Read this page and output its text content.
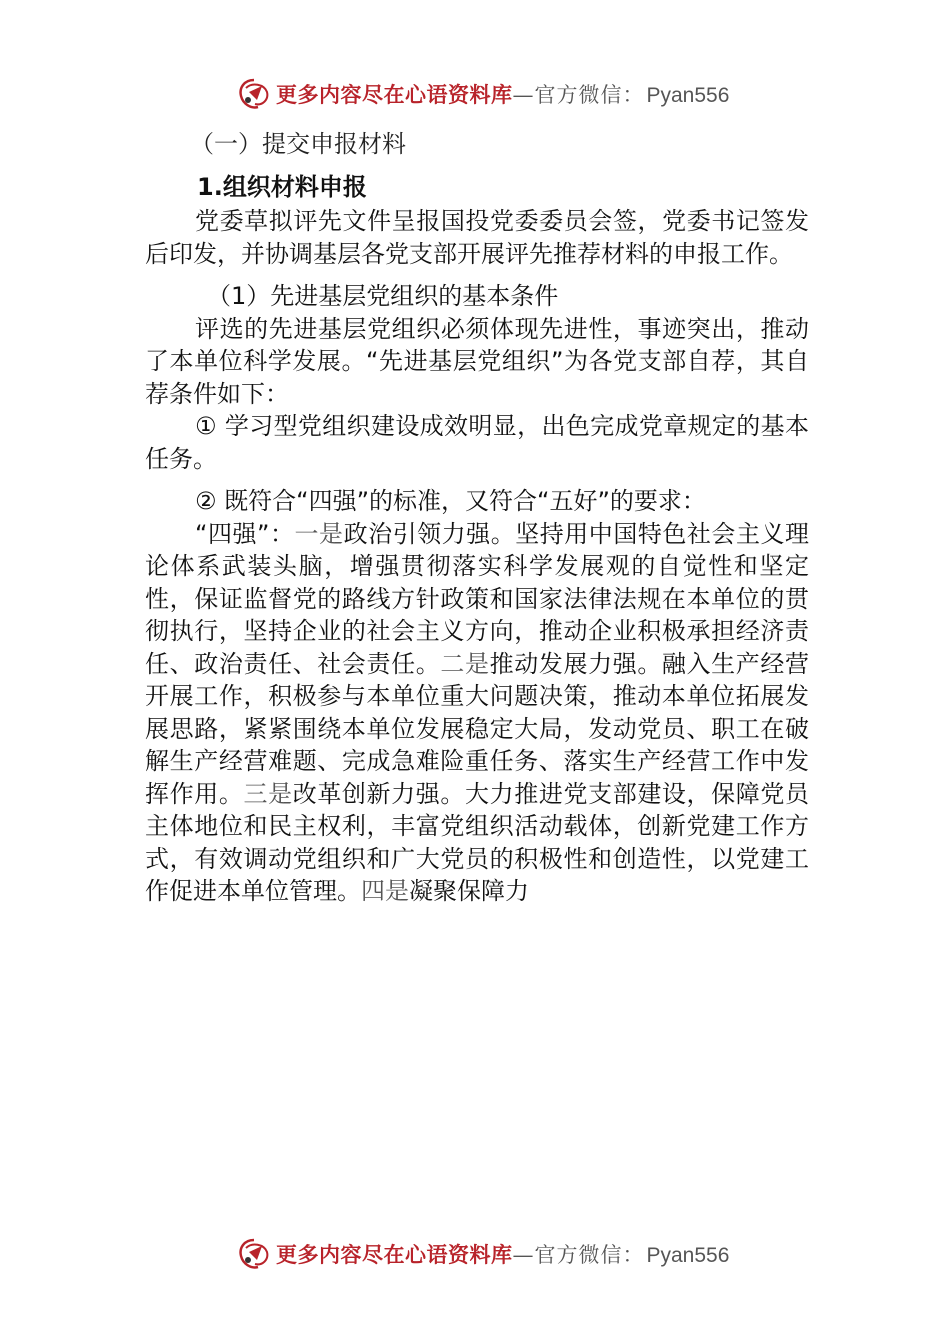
更多内容尽在心语资料库 —官方微信： Pyan556

（一）提交申报材料

1.组织材料申报

党委草拟评先文件呈报国投党委委员会签，党委书记签发后印发，并协调基层各党支部开展评先推荐材料的申报工作。

（1）先进基层党组织的基本条件

评选的先进基层党组织必须体现先进性，事迹突出，推动了本单位科学发展。“先进基层党组织”为各党支部自荐，其自荐条件如下：

① 学习型党组织建设成效明显，出色完成党章规定的基本任务。

② 既符合“四强”的标准，又符合“五好”的要求：

“四强”：一是政治引领力强。坚持用中国特色社会主义理论体系武装头脑，增强贯彻落实科学发展观的自觉性和坚定性，保证监督党的路线方针政策和国家法律法规在本单位的贯彻执行，坚持企业的社会主义方向，推动企业积极承担经济责任、政治责任、社会责任。二是推动发展力强。融入生产经营开展工作，积极参与本单位重大问题决策，推动本单位拓展发展思路，紧紧围绕本单位发展稳定大局，发动党员、职工在破解生产经营难题、完成急难险重任务、落实生产经营工作中发挥作用。三是改革创新力强。大力推进党支部建设，保障党员主体地位和民主权利，丰富党组织活动载体，创新党建工作方式，有效调动党组织和广大党员的积极性和创造性，以党建工作促进本单位管理。四是凝聚保障力

更多内容尽在心语资料库 —官方微信： Pyan556
